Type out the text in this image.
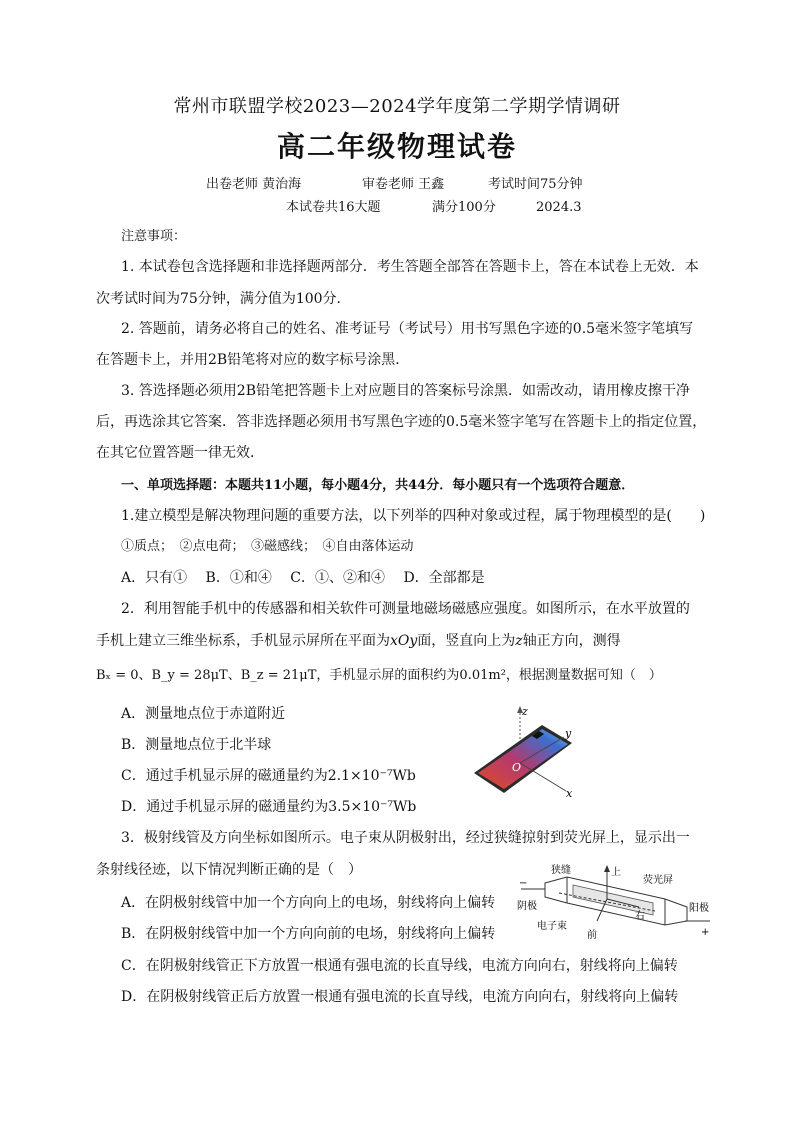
常州市联盟学校2023—2024学年度第二学期学情调研
高二年级物理试卷
出卷老师 黄治海	审卷老师 王鑫	考试时间75分钟
本试卷共16大题	满分100分	2024.3
注意事项：
1. 本试卷包含选择题和非选择题两部分．考生答题全部答在答题卡上，答在本试卷上无效．本
次考试时间为75分钟，满分值为100分．
2. 答题前，请务必将自己的姓名、准考证号（考试号）用书写黑色字迹的0.5毫米签字笔填写
在答题卡上，并用2B铅笔将对应的数字标号涂黑．
3. 答选择题必须用2B铅笔把答题卡上对应题目的答案标号涂黑．如需改动，请用橡皮擦干净
后，再选涂其它答案．答非选择题必须用书写黑色字迹的0.5毫米签字笔写在答题卡上的指定位置，
在其它位置答题一律无效．
一、单项选择题：本题共11小题，每小题4分，共44分．每小题只有一个选项符合题意．
1.建立模型是解决物理问题的重要方法，以下列举的四种对象或过程，属于物理模型的是(　　)
①质点；　②点电荷；　③磁感线；　④自由落体运动
A．只有①　 B．①和④　 C．①、②和④　 D．全部都是
2．利用智能手机中的传感器和相关软件可测量地磁场磁感应强度。如图所示，在水平放置的
手机上建立三维坐标系，手机显示屏所在平面为xOy面，竖直向上为z轴正方向，测得
Bₓ = 0、B_y = 28μT、B_z = 21μT，手机显示屏的面积约为0.01m²，根据测量数据可知（　）
A．测量地点位于赤道附近
B．测量地点位于北半球
C．通过手机显示屏的磁通量约为2.1×10⁻⁷Wb
D．通过手机显示屏的磁通量约为3.5×10⁻⁷Wb
z
y
x
O
3．极射线管及方向坐标如图所示。电子束从阴极射出，经过狭缝掠射到荧光屏上，显示出一
条射线径迹，以下情况判断正确的是（　）
A．在阴极射线管中加一个方向向上的电场，射线将向上偏转
B．在阴极射线管中加一个方向向前的电场，射线将向上偏转
C．在阴极射线管正下方放置一根通有强电流的长直导线，电流方向向右，射线将向上偏转
D．在阴极射线管正后方放置一根通有强电流的长直导线，电流方向向右，射线将向上偏转
狭缝	上
荧光屏
阴极	阳极
右
电子束
前
−
+
